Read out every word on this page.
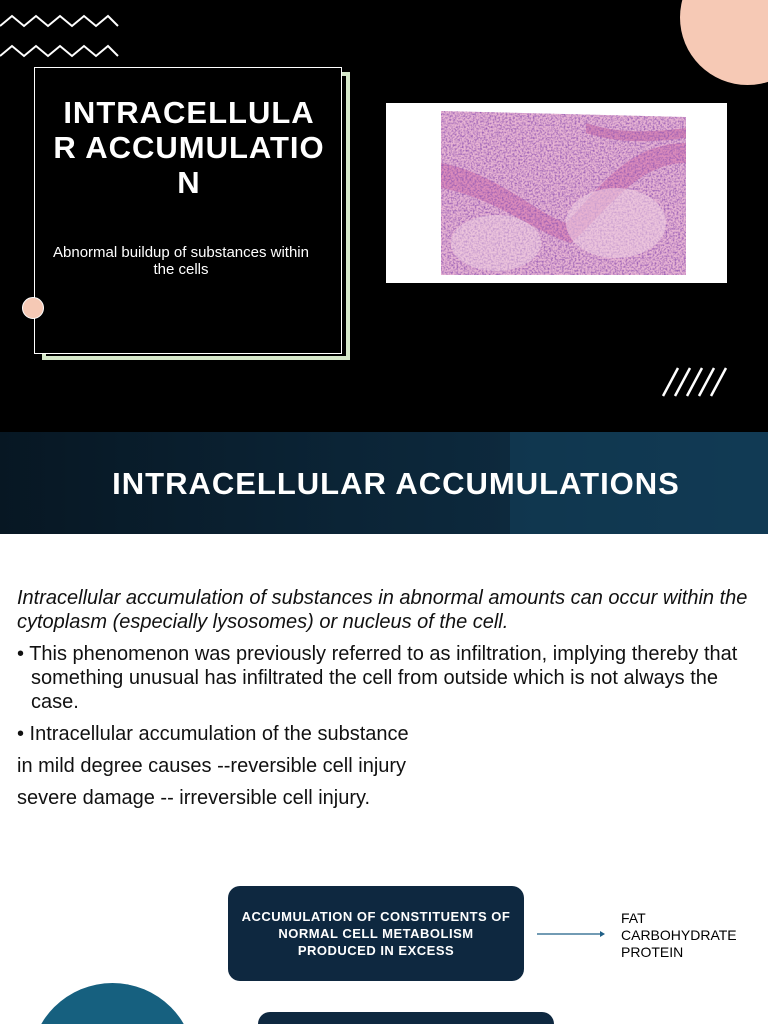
INTRACELLULAR ACCUMULATION
Abnormal buildup of substances within the cells
INTRACELLULAR ACCUMULATIONS

Intracellular accumulation of substances in abnormal amounts can occur within the cytoplasm (especially lysosomes) or nucleus of the cell.

• This phenomenon was previously referred to as infiltration, implying thereby that something unusual has infiltrated the cell from outside which is not always the case.

• Intracellular accumulation of the substance

in mild degree causes --reversible cell injury

severe damage -- irreversible cell injury.

ACCUMULATION OF CONSTITUENTS OF NORMAL CELL METABOLISM PRODUCED IN EXCESS
FAT
CARBOHYDRATE
PROTEIN
